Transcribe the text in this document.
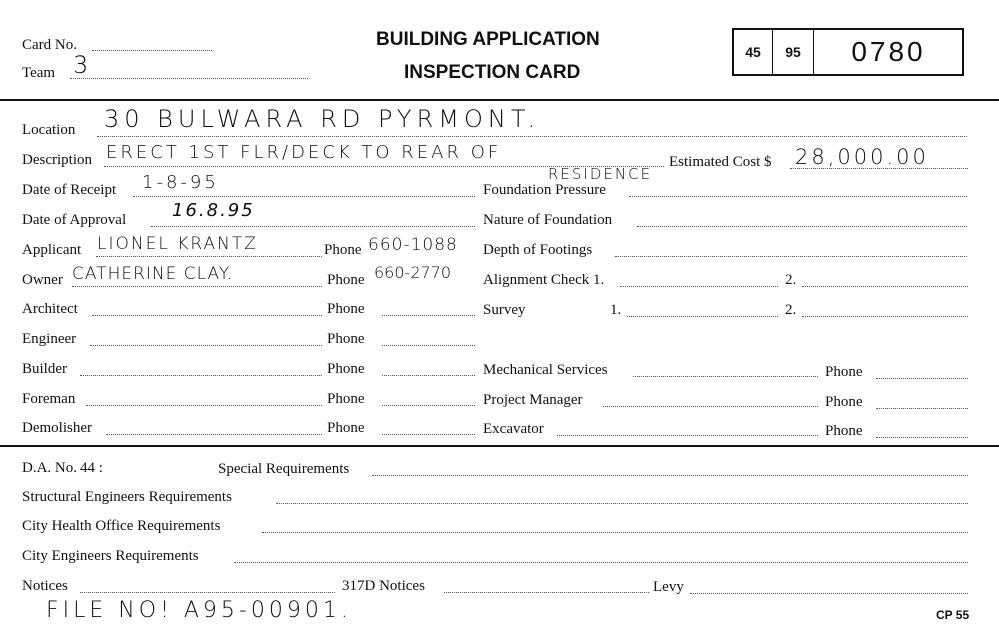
Card No.
Team 3
BUILDING APPLICATION
INSPECTION CARD
45	95	0780
Location 30 BULWARA RD PYRMONT.
Description ERECT 1ST FLR/DECK TO REAR OF
RESIDENCE
Estimated Cost $ 28,000.00
Date of Receipt 1-8-95	Foundation Pressure
Date of Approval	16.8.95	Nature of Foundation
Applicant LIONEL KRANTZ	Phone 660-1088 Depth of Footings
Owner CATHERINE CLAY.	Phone 660-2770 Alignment Check 1.	2.
Architect	Phone	Survey	1.	2.
Engineer	Phone
Builder	Phone	Mechanical Services	Phone
Foreman	Phone	Project Manager	Phone
Demolisher	Phone	Excavator	Phone
D.A. No. 44 :	Special Requirements
Structural Engineers Requirements
City Health Office Requirements
City Engineers Requirements
Notices	317D Notices	Levy
FILE NO! A95-00901.	CP 55
